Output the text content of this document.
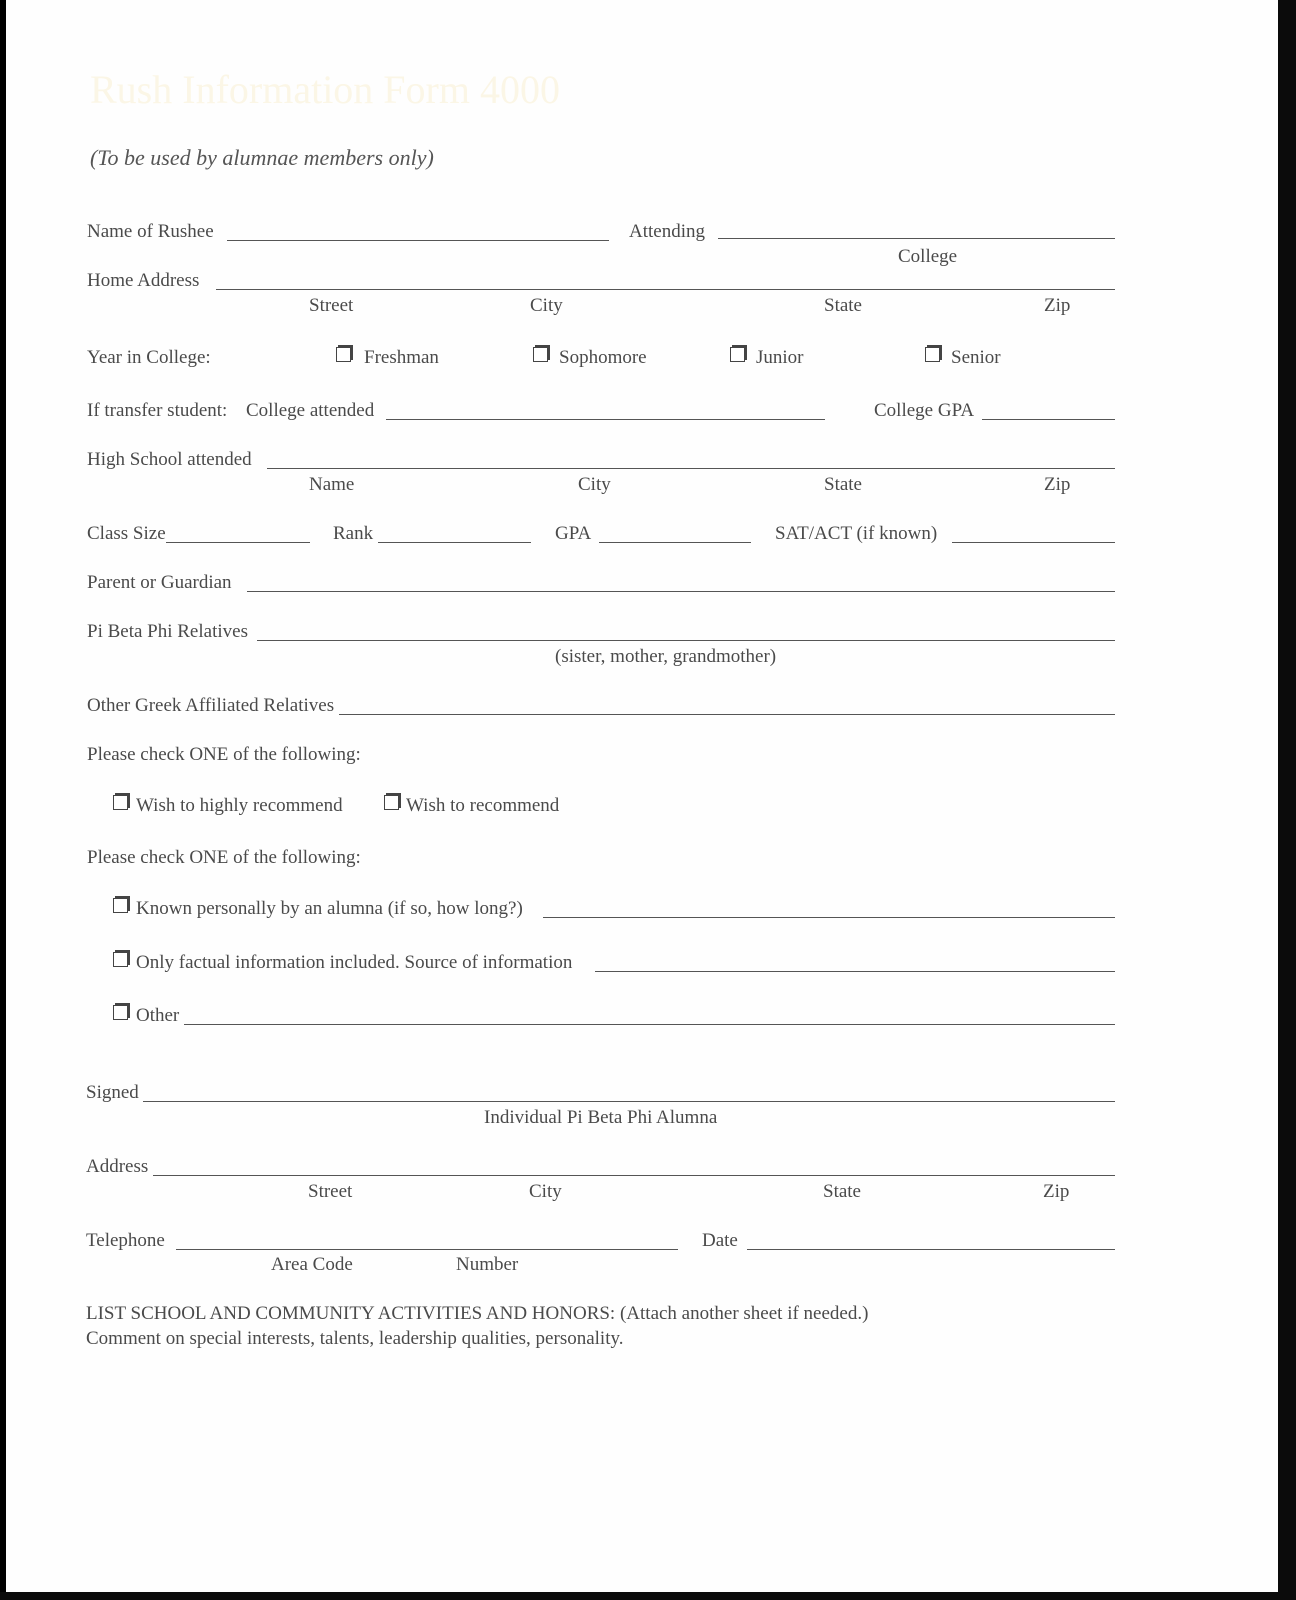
Rush Information Form 4000
(To be used by alumnae members only)
Name of Rushee	Attending
College
Home Address
Street	City	State	Zip
Year in College:	Freshman	Sophomore	Junior	Senior
If transfer student: College attended	College GPA
High School attended
Name	City	State	Zip
Class Size	Rank	GPA	SAT/ACT (if known)
Parent or Guardian
Pi Beta Phi Relatives
(sister, mother, grandmother)
Other Greek Affiliated Relatives
Please check ONE of the following:
Wish to highly recommend	Wish to recommend
Please check ONE of the following:
Known personally by an alumna (if so, how long?)
Only factual information included. Source of information
Other
Signed
Individual Pi Beta Phi Alumna
Address
Street	City	State	Zip
Telephone
Area Code	Number
Date
LIST SCHOOL AND COMMUNITY ACTIVITIES AND HONORS: (Attach another sheet if needed.)
Comment on special interests, talents, leadership qualities, personality.
